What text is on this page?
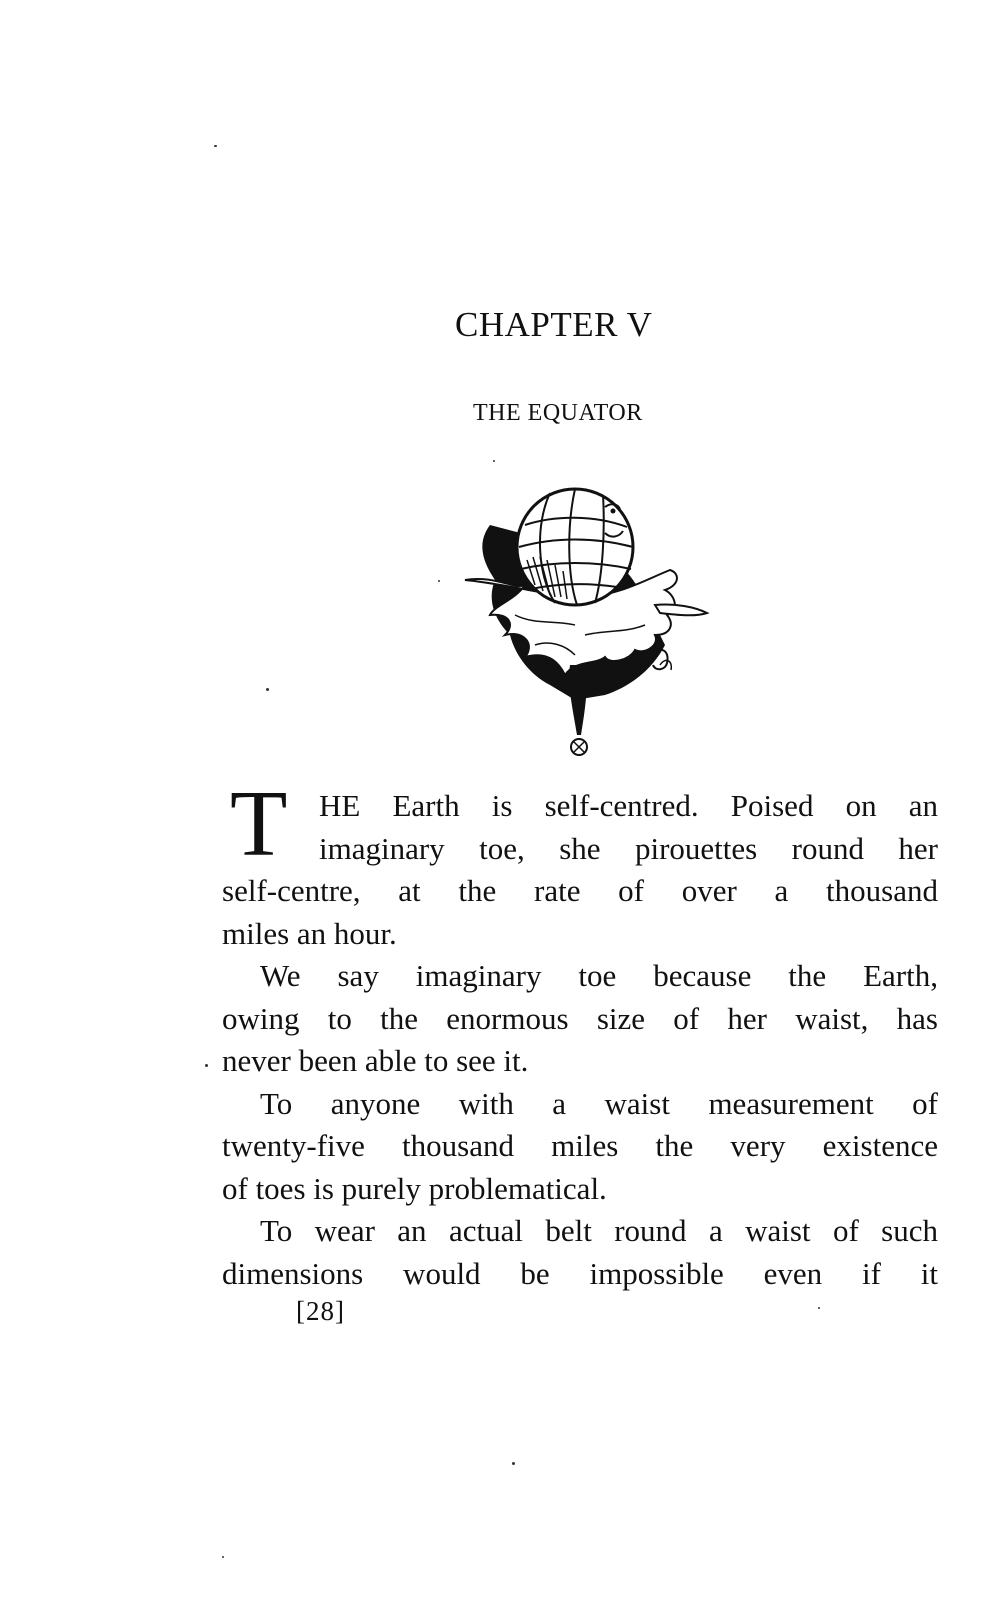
CHAPTER V
THE EQUATOR
T	HE Earth is self-centred. Poised on an
imaginary toe, she pirouettes round her
self-centre, at the rate of over a thousand
miles an hour.
We say imaginary toe because the Earth,
owing to the enormous size of her waist, has
never been able to see it.
To anyone with a waist measurement of
twenty-five thousand miles the very existence
of toes is purely problematical.
To wear an actual belt round a waist of such
dimensions would be impossible even if it
[28]
